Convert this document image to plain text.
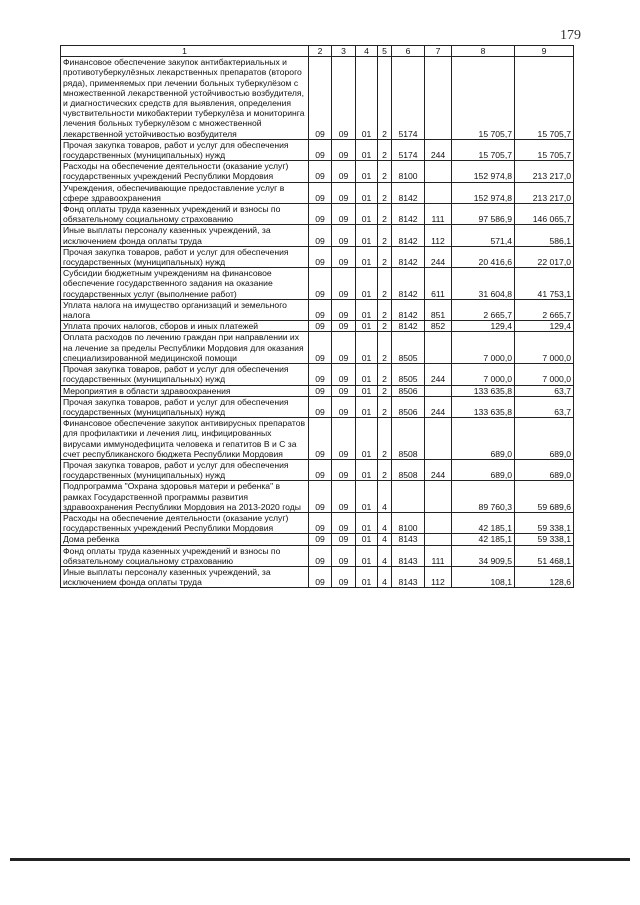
179
1	2	3	4	5	6	7	8	9
Финансовое обеспечение закупок антибактериальных и противотуберкулёзных лекарственных препаратов (второго ряда), применяемых при лечении больных туберкулёзом с множественной лекарственной устойчивостью возбудителя, и диагностических средств для выявления, определения чувствительности микобактерии туберкулёза и мониторинга лечения больных туберкулёзом с множественной лекарственной устойчивостью возбудителя	09	09	01	2	5174		15 705,7	15 705,7
Прочая закупка товаров, работ и услуг для обеспечения государственных (муниципальных) нужд	09	09	01	2	5174	244	15 705,7	15 705,7
Расходы на обеспечение деятельности (оказание услуг) государственных учреждений Республики Мордовия	09	09	01	2	8100		152 974,8	213 217,0
Учреждения, обеспечивающие предоставление услуг в сфере здравоохранения	09	09	01	2	8142		152 974,8	213 217,0
Фонд оплаты труда казенных учреждений и взносы по обязательному социальному страхованию	09	09	01	2	8142	111	97 586,9	146 065,7
Иные выплаты персоналу казенных учреждений, за исключением фонда оплаты труда	09	09	01	2	8142	112	571,4	586,1
Прочая закупка товаров, работ и услуг для обеспечения государственных (муниципальных) нужд	09	09	01	2	8142	244	20 416,6	22 017,0
Субсидии бюджетным учреждениям на финансовое обеспечение государственного задания на оказание государственных услуг (выполнение работ)	09	09	01	2	8142	611	31 604,8	41 753,1
Уплата налога на имущество организаций и земельного налога	09	09	01	2	8142	851	2 665,7	2 665,7
Уплата прочих налогов, сборов и иных платежей	09	09	01	2	8142	852	129,4	129,4
Оплата расходов по лечению граждан при направлении их на лечение за пределы Республики Мордовия для оказания специализированной медицинской помощи	09	09	01	2	8505		7 000,0	7 000,0
Прочая закупка товаров, работ и услуг для обеспечения государственных (муниципальных) нужд	09	09	01	2	8505	244	7 000,0	7 000,0
Мероприятия в области здравоохранения	09	09	01	2	8506		133 635,8	63,7
Прочая закупка товаров, работ и услуг для обеспечения государственных (муниципальных) нужд	09	09	01	2	8506	244	133 635,8	63,7
Финансовое обеспечение закупок антивирусных препаратов для профилактики и лечения лиц, инфицированных вирусами иммунодефицита человека и гепатитов В и С за счет республиканского бюджета Республики Мордовия	09	09	01	2	8508		689,0	689,0
Прочая закупка товаров, работ и услуг для обеспечения государственных (муниципальных) нужд	09	09	01	2	8508	244	689,0	689,0
Подпрограмма "Охрана здоровья матери и ребенка" в рамках Государственной программы развития здравоохранения Республики Мордовия на 2013-2020 годы	09	09	01	4			89 760,3	59 689,6
Расходы на обеспечение деятельности (оказание услуг) государственных учреждений Республики Мордовия	09	09	01	4	8100		42 185,1	59 338,1
Дома ребенка	09	09	01	4	8143		42 185,1	59 338,1
Фонд оплаты труда казенных учреждений и взносы по обязательному социальному страхованию	09	09	01	4	8143	111	34 909,5	51 468,1
Иные выплаты персоналу казенных учреждений, за исключением фонда оплаты труда	09	09	01	4	8143	112	108,1	128,6
